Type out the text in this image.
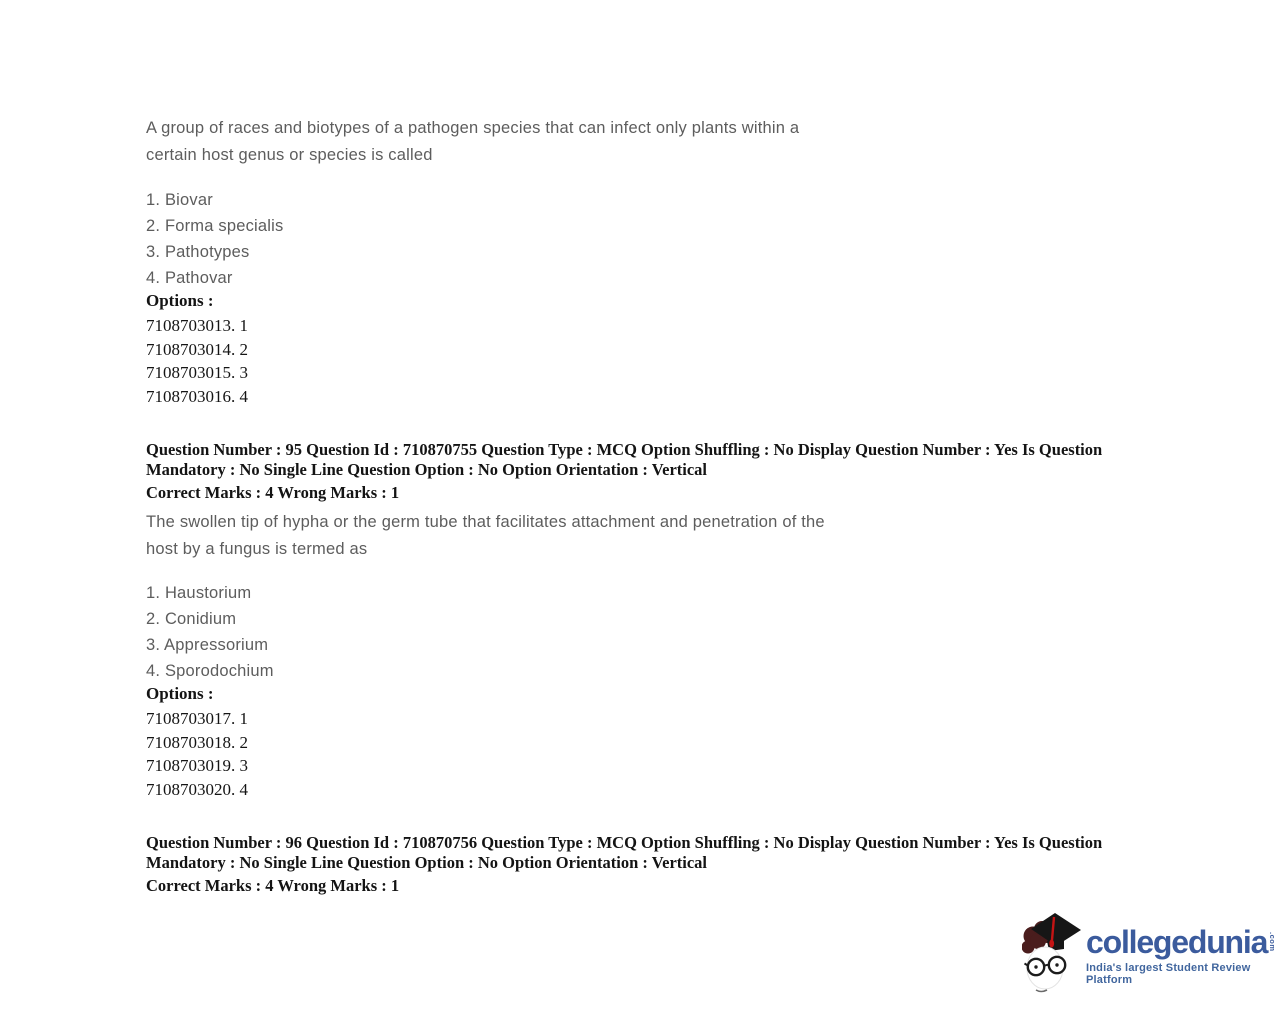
A group of races and biotypes of a pathogen species that can infect only plants within a
certain host genus or species is called
1. Biovar
2. Forma specialis
3. Pathotypes
4. Pathovar
Options :
7108703013. 1
7108703014. 2
7108703015. 3
7108703016. 4
Question Number : 95 Question Id : 710870755 Question Type : MCQ Option Shuffling : No Display Question Number : Yes Is Question
Mandatory : No Single Line Question Option : No Option Orientation : Vertical
Correct Marks : 4 Wrong Marks : 1
The swollen tip of hypha or the germ tube that facilitates attachment and penetration of the
host by a fungus is termed as
1. Haustorium
2. Conidium
3. Appressorium
4. Sporodochium
Options :
7108703017. 1
7108703018. 2
7108703019. 3
7108703020. 4
Question Number : 96 Question Id : 710870756 Question Type : MCQ Option Shuffling : No Display Question Number : Yes Is Question
Mandatory : No Single Line Question Option : No Option Orientation : Vertical
Correct Marks : 4 Wrong Marks : 1
collegedunia .com
India's largest Student Review Platform
